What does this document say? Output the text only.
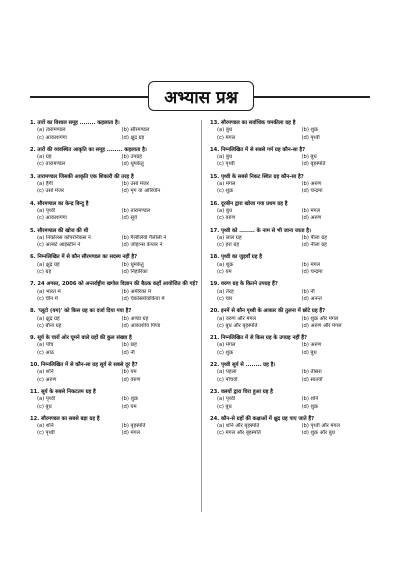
अभ्यास प्रश्न
1. तारों का विशाल समूह ........ कहलाता है।
(a) तारामण्डल	(b) सौरमण्डल
(c) आकाशगंगा	(d) क्षुद्र ग्रह
2. तारों की व्यवस्थित आकृति का समूह ........ कहलाता है।
(a) ग्रह	(b) उपग्रह
(c) तारामण्डल	(d) धूमकेतु
3. तारामण्डल जिसकी आकृति एक शिकारी की तरह है
(a) हैंगी	(b) उर्सा मेजर
(c) उर्सा मेजर	(d) मृग या ओरियॉन
4. सौरमण्डल का केन्द्र बिन्दु है
(a) पृथ्वी	(b) तारामण्डल
(c) आकाशगंगा	(d) सूर्य
5. सौरमण्डल की खोज की थी
(a) निकोलस कॉपरनिकस ने	(b) गैलीलियो गैलीली ने
(c) अल्बर्ट आइंस्टीन ने	(d) जोहान्स केप्लर ने
6. निम्नलिखित में से कौन सौरमण्डल का सदस्य नहीं है?
(a) क्षुद्र ग्रह	(b) धूमकेतु
(c) ग्रह	(d) निहारिका
7. 24 अगस्त, 2006 को अन्तर्राष्ट्रीय खगोल विज्ञान की बैठक कहाँ आयोजित की गई?
(a) भारत में	(b) अमेरिका में
(c) चीन में	(d) चेकोस्लोवाकिया में
8. 'प्लूटो (यम)' को किस ग्रह का दर्जा दिया गया है?
(a) क्षुद्र ग्रह	(b) अण्डा ग्रह
(c) बौना ग्रह	(d) आकाशीय पिण्ड
9. सूर्य के चारों ओर घूमने वाले ग्रहों की कुल संख्या है
(a) पाँच	(b) छह
(c) आठ	(d) नौ
10. निम्नलिखित में से कौन-सा ग्रह सूर्य से सबसे दूर है?
(a) शनि	(b) यम
(c) अरुण	(d) वरुण
11. सूर्य के सबसे निकटतम ग्रह है
(a) पृथ्वी	(b) शुक्र
(c) बुध	(d) यम
12. सौरमण्डल का सबसे बड़ा ग्रह है
(a) शनि	(b) बृहस्पति
(c) पृथ्वी	(d) मंगल
13. सौरमण्डल का सर्वाधिक चमकीला ग्रह है
(a) बुध	(b) शुक्र
(c) मंगल	(d) पृथ्वी
14. निम्नलिखित में से सबसे गर्म ग्रह कौन-सा है?
(a) बुध	(b) बुध
(c) पृथ्वी	(d) बृहस्पति
15. पृथ्वी के सबसे निकट स्थित ग्रह कौन-सा है?
(a) मंगल	(b) अरुण
(c) शुक्र	(d) चन्द्रमा
16. दूरबीन द्वारा खोजा गया प्रथम ग्रह है
(a) बुध	(b) मंगल
(c) वरुण	(d) अरुण
17. पृथ्वी को ........ के नाम से भी जाना जाता है।
(a) लाल ग्रह	(b) पीला ग्रह
(c) हरा ग्रह	(d) नीला ग्रह
18. पृथ्वी का जुड़वाँ ग्रह है
(a) शुक्र	(b) मंगल
(c) यम	(d) चन्द्रमा
19. वरुण ग्रह के कितने उपग्रह हैं?
(a) तेरह	(b) नौ
(c) चार	(d) अनन्त
20. इनमें से कौन पृथ्वी के आकार की तुलना में छोटे ग्रह हैं?
(a) वरुण और मंगल	(b) शुक्र और मंगल
(c) बुध और बृहस्पति	(d) अरुण और मंगल
21. निम्नलिखित में से किस ग्रह के उपग्रह नहीं हैं?
(a) मंगल	(b) अरुण
(c) शुक्र	(d) बुध
22. पृथ्वी सूर्य से ........ ग्रह है।
(a) पहला	(b) तीसरा
(c) पाँचवाँ	(d) सातवाँ
23. वलयों द्वारा घिरा हुआ ग्रह है
(a) पृथ्वी	(b) शनि
(c) बुध	(d) शुक्र
24. कौन-से ग्रहों की कक्षाओं में क्षुद्र ग्रह पाए जाते हैं?
(a) शनि और बृहस्पति	(b) पृथ्वी और मंगल
(c) मंगल और बृहस्पति	(d) शुक्र और बुध
